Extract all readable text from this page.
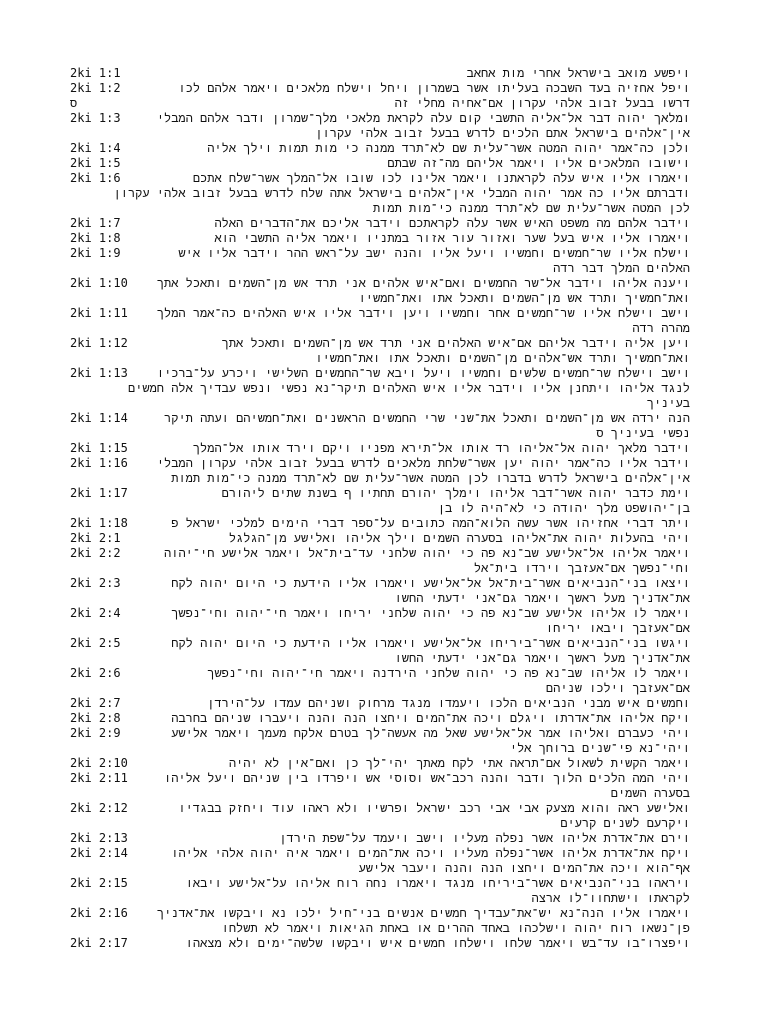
2ki 1:1	ויפשע מואב בישראל אחרי מות אחאב
2ki 1:2	ויפל אחזיה בעד השבכה בעליתו אשר בשמרון ויחל וישלח מלאכים ויאמר אלהם לכו
ס	דרשו בבעל זבוב אלהי עקרון אם־אחיה מחלי זה
2ki 1:3	ומלאך יהוה דבר אל־אליה התשבי קום עלה לקראת מלאכי מלך־שמרון ודבר אלהם המבלי
אין־אלהים בישראל אתם הלכים לדרש בבעל זבוב אלהי עקרון
2ki 1:4	ולכן כה־אמר יהוה המטה אשר־עלית שם לא־תרד ממנה כי מות תמות וילך אליה
2ki 1:5	וישובו המלאכים אליו ויאמר אליהם מה־זה שבתם
2ki 1:6	ויאמרו אליו איש עלה לקראתנו ויאמר אלינו לכו שובו אל־המלך אשר־שלח אתכם
ודברתם אליו כה אמר יהוה המבלי אין־אלהים בישראל אתה שלח לדרש בבעל זבוב אלהי עקרון
לכן המטה אשר־עלית שם לא־תרד ממנה כי־מות תמות
2ki 1:7	וידבר אלהם מה משפט האיש אשר עלה לקראתכם וידבר אליכם את־הדברים האלה
2ki 1:8	ויאמרו אליו איש בעל שער ואזור עור אזור במתניו ויאמר אליה התשבי הוא
2ki 1:9	וישלח אליו שר־חמשים וחמשיו ויעל אליו והנה ישב על־ראש ההר וידבר אליו איש
האלהים המלך דבר רדה
2ki 1:10 ויענה אליהו וידבר אל־שר החמשים ואם־איש אלהים אני תרד אש מן־השמים ותאכל אתך
ואת־חמשיך ותרד אש מן־השמים ותאכל אתו ואת־חמשיו
2ki 1:11 וישב וישלח אליו שר־חמשים אחר וחמשיו ויען וידבר אליו איש האלהים כה־אמר המלך
מהרה רדה
2ki 1:12	ויען אליה וידבר אליהם אם־איש האלהים אני תרד אש מן־השמים ותאכל אתך
ואת־חמשיך ותרד אש־אלהים מן־השמים ותאכל אתו ואת־חמשיו
2ki 1:13 וישב וישלח שר־חמשים שלשים וחמשיו ויעל ויבא שר־החמשים השלישי ויכרע על־ברכיו
לנגד אליהו ויתחנן אליו וידבר אליו איש האלהים תיקר־נא נפשי ונפש עבדיך אלה חמשים
בעיניך
2ki 1:14	הנה ירדה אש מן־השמים ותאכל את־שני שרי החמשים הראשנים ואת־חמשיהם ועתה תיקר
נפשי בעיניך ס
2ki 1:15	וידבר מלאך יהוה אל־אליהו רד אותו אל־תירא מפניו ויקם וירד אותו אל־המלך
2ki 1:16 וידבר אליו כה־אמר יהוה יען אשר־שלחת מלאכים לדרש בבעל זבוב אלהי עקרון המבלי
אין־אלהים בישראל לדרש בדברו לכן המטה אשר־עלית שם לא־תרד ממנה כי־מות תמות
2ki 1:17	וימת כדבר יהוה אשר־דבר אליהו וימלך יהורם תחתיו ף בשנת שתים ליהורם
בן־יהושפט מלך יהודה כי לא־היה לו בן
2ki 1:18	ויתר דברי אחזיהו אשר עשה הלוא־המה כתובים על־ספר דברי הימים למלכי ישראל פ
2ki 2:1	ויהי בהעלות יהוה את־אליהו בסערה השמים וילך אליהו ואלישע מן־הגלגל
2ki 2:2	ויאמר אליהו אל־אלישע שב־נא פה כי יהוה שלחני עד־בית־אל ויאמר אלישע חי־יהוה
וחי־נפשך אם־אעזבך וירדו בית־אל
2ki 2:3	ויצאו בני־הנביאים אשר־בית־אל אל־אלישע ויאמרו אליו הידעת כי היום יהוה לקח
את־אדניך מעל ראשך ויאמר גם־אני ידעתי החשו
2ki 2:4	ויאמר לו אליהו אלישע שב־נא פה כי יהוה שלחני יריחו ויאמר חי־יהוה וחי־נפשך
אם־אעזבך ויבאו יריחו
2ki 2:5	ויגשו בני־הנביאים אשר־ביריחו אל־אלישע ויאמרו אליו הידעת כי היום יהוה לקח
את־אדניך מעל ראשך ויאמר גם־אני ידעתי החשו
2ki 2:6	ויאמר לו אליהו שב־נא פה כי יהוה שלחני הירדנה ויאמר חי־יהוה וחי־נפשך
אם־אעזבך וילכו שניהם
2ki 2:7	וחמשים איש מבני הנביאים הלכו ויעמדו מנגד מרחוק ושניהם עמדו על־הירדן
2ki 2:8	ויקח אליהו את־אדרתו ויגלם ויכה את־המים ויחצו הנה והנה ויעברו שניהם בחרבה
2ki 2:9	ויהי כעברם ואליהו אמר אל־אלישע שאל מה אעשה־לך בטרם אלקח מעמך ויאמר אלישע
ויהי־נא פי־שנים ברוחך אלי
2ki 2:10	ויאמר הקשית לשאול אם־תראה אתי לקח מאתך יהי־לך כן ואם־אין לא יהיה
2ki 2:11	ויהי המה הלכים הלוך ודבר והנה רכב־אש וסוסי אש ויפרדו בין שניהם ויעל אליהו
בסערה השמים
2ki 2:12	ואלישע ראה והוא מצעק אבי אבי רכב ישראל ופרשיו ולא ראהו עוד ויחזק בבגדיו
ויקרעם לשנים קרעים
2ki 2:13	וירם את־אדרת אליהו אשר נפלה מעליו וישב ויעמד על־שפת הירדן
2ki 2:14	ויקח את־אדרת אליהו אשר־נפלה מעליו ויכה את־המים ויאמר איה יהוה אלהי אליהו
אף־הוא ויכה את־המים ויחצו הנה והנה ויעבר אלישע
2ki 2:15	ויראהו בני־הנביאים אשר־ביריחו מנגד ויאמרו נחה רוח אליהו על־אלישע ויבאו
לקראתו וישתחוו־לו ארצה
2ki 2:16 ויאמרו אליו הנה־נא יש־את־עבדיך חמשים אנשים בני־חיל ילכו נא ויבקשו את־אדניך
פן־נשאו רוח יהוה וישלכהו באחד ההרים או באחת הגיאות ויאמר לא תשלחו
2ki 2:17	ויפצרו־בו עד־בש ויאמר שלחו וישלחו חמשים איש ויבקשו שלשה־ימים ולא מצאהו
